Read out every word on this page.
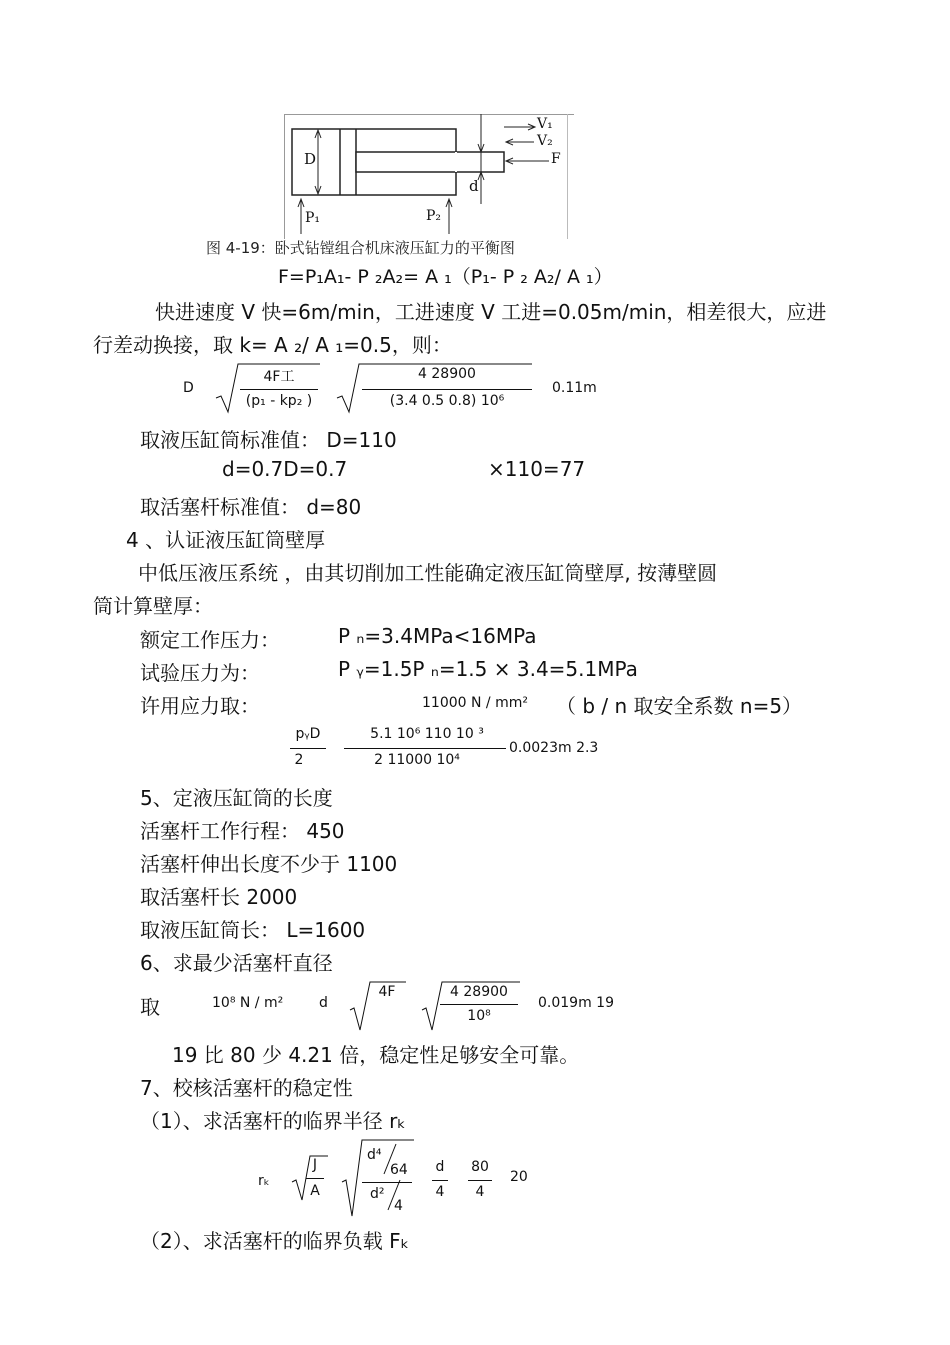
D
d
V₁
V₂
F
P₁	P₂
图 4-19：卧式钻镗组合机床液压缸力的平衡图
F=P₁A₁- P ₂A₂= A ₁（P₁- P ₂ A₂/ A ₁）
快进速度 V 快=6m/min，工进速度 V 工进=0.05m/min，相差很大，应进
行差动换接，取 k= A ₂/ A ₁=0.5，则：
D
4F工
(p₁ - kp₂ )
4 28900
(3.4 0.5 0.8) 10⁶
0.11m
取液压缸筒标准值： D=110
d=0.7D=0.7	×110=77
取活塞杆标准值： d=80
4 、认证液压缸筒壁厚
中低压液压系统 ，由其切削加工性能确定液压缸筒壁厚, 按薄壁圆
筒计算壁厚：
额定工作压力：	P ₙ=3.4MPa<16MPa
试验压力为：	P ᵧ=1.5P ₙ=1.5 × 3.4=5.1MPa
许用应力取：	11000 N / mm² （ b / n 取安全系数 n=5）
pᵧD
2
5.1 10⁶ 110 10 ³
2 11000 10⁴
0.0023m 2.3
5、定液压缸筒的长度
活塞杆工作行程： 450
活塞杆伸出长度不少于 1100
取活塞杆长 2000
取液压缸筒长： L=1600
6、求最少活塞杆直径
取	10⁸ N / m²	d
4F	4 28900
10⁸
0.019m 19
19 比 80 少 4.21 倍，稳定性足够安全可靠。
7、校核活塞杆的稳定性
（1）、求活塞杆的临界半径 rₖ
rₖ
J
A
d⁴
64
d²
4
d
4
80
4
20
（2）、求活塞杆的临界负载 Fₖ
